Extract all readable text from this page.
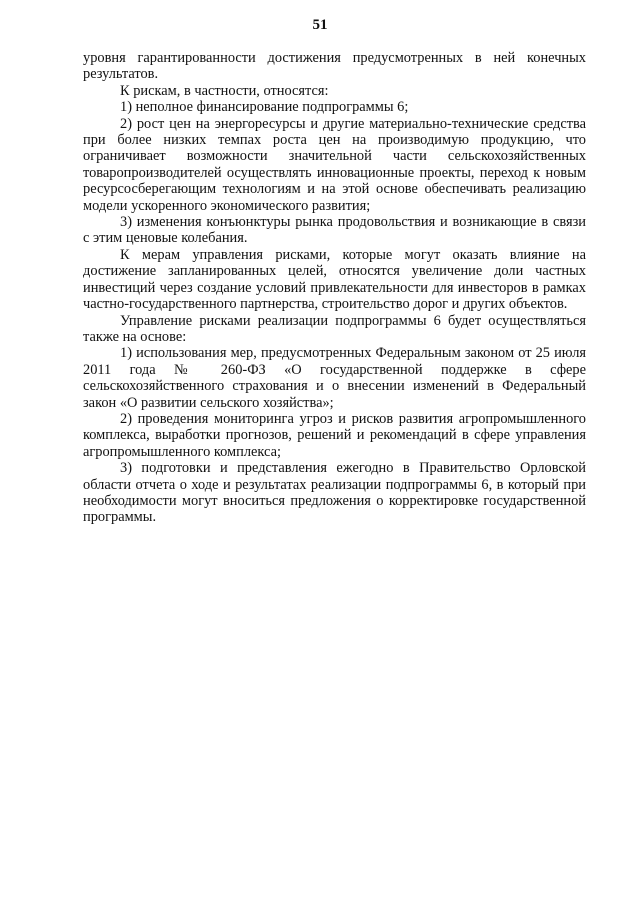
51

уровня гарантированности достижения предусмотренных в ней конечных результатов.

К рискам, в частности, относятся:

1) неполное финансирование подпрограммы 6;

2) рост цен на энергоресурсы и другие материально-технические средства при более низких темпах роста цен на производимую продукцию, что ограничивает возможности значительной части сельскохозяйственных товаропроизводителей осуществлять инновационные проекты, переход к новым ресурсосберегающим технологиям и на этой основе обеспечивать реализацию модели ускоренного экономического развития;

3) изменения конъюнктуры рынка продовольствия и возникающие в связи с этим ценовые колебания.

К мерам управления рисками, которые могут оказать влияние на достижение запланированных целей, относятся увеличение доли частных инвестиций через создание условий привлекательности для инвесторов в рамках частно-государственного партнерства, строительство дорог и других объектов.

Управление рисками реализации подпрограммы 6 будет осуществляться также на основе:

1) использования мер, предусмотренных Федеральным законом от 25 июля 2011 года № 260-ФЗ «О государственной поддержке в сфере сельскохозяйственного страхования и о внесении изменений в Федеральный закон «О развитии сельского хозяйства»;

2) проведения мониторинга угроз и рисков развития агропромышленного комплекса, выработки прогнозов, решений и рекомендаций в сфере управления агропромышленного комплекса;

3) подготовки и представления ежегодно в Правительство Орловской области отчета о ходе и результатах реализации подпрограммы 6, в который при необходимости могут вноситься предложения о корректировке государственной программы.
